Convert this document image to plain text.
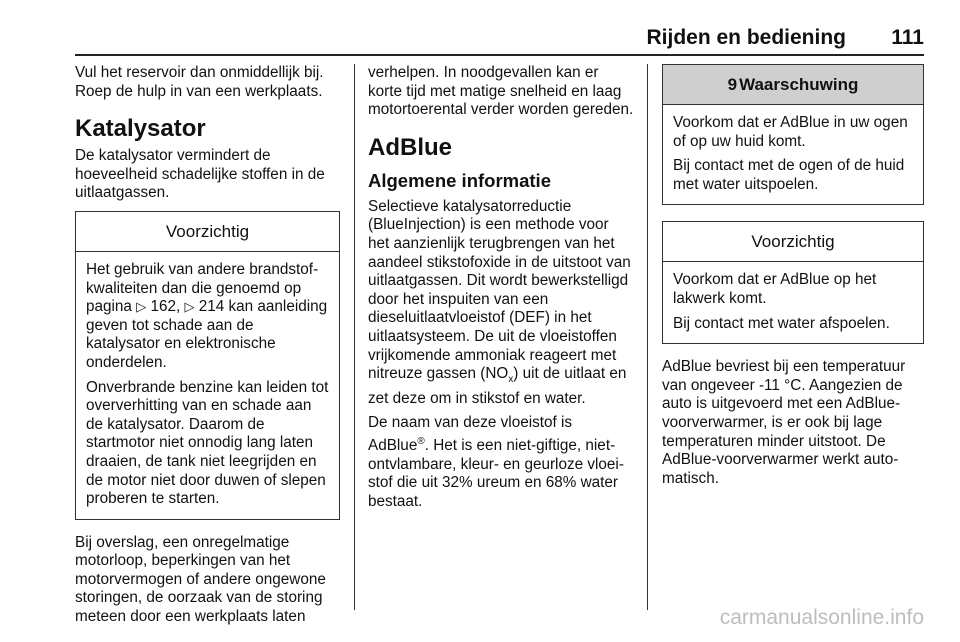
Rijden en bediening 111

Vul het reservoir dan onmiddellijk bij. Roep de hulp in van een werkplaats.

Katalysator

De katalysator vermindert de hoeveelheid schadelijke stoffen in de uitlaatgassen.

Voorzichtig

Het gebruik van andere brandstofkwaliteiten dan die genoemd op pagina ▷ 162, ▷ 214 kan aanleiding geven tot schade aan de katalysator en elektronische onderdelen.

Onverbrande benzine kan leiden tot oververhitting van en schade aan de katalysator. Daarom de startmotor niet onnodig lang laten draaien, de tank niet leegrijden en de motor niet door duwen of slepen proberen te starten.

Bij overslag, een onregelmatige motorloop, beperkingen van het motorvermogen of andere ongewone storingen, de oorzaak van de storing meteen door een werkplaats laten

verhelpen. In noodgevallen kan er korte tijd met matige snelheid en laag motortoerental verder worden gereden.

AdBlue
Algemene informatie

Selectieve katalysatorreductie (BlueInjection) is een methode voor het aanzienlijk terugbrengen van het aandeel stikstofoxide in de uitstoot van uitlaatgassen. Dit wordt bewerkstelligd door het inspuiten van een dieseluitlaatvloeistof (DEF) in het uitlaatsysteem. De uit de vloeistoffen vrijkomende ammoniak reageert met nitreuze gassen $(NO_x)$ uit de uitlaat en zet deze om in stikstof en water.

De naam van deze vloeistof is AdBlue®. Het is een niet-giftige, niet-ontvlambare, kleur- en geurloze vloeistof die uit 32% ureum en 68% water bestaat.

9 Waarschuwing

Voorkom dat er AdBlue in uw ogen of op uw huid komt.

Bij contact met de ogen of de huid met water uitspoelen.

Voorzichtig

Voorkom dat er AdBlue op het lakwerk komt.

Bij contact met water afspoelen.

AdBlue bevriest bij een temperatuur van ongeveer -11 °C. Aangezien de auto is uitgevoerd met een AdBlue-voorverwarmer, is er ook bij lage temperaturen minder uitstoot. De AdBlue-voorverwarmer werkt automatisch.

carmanualsonline.info
